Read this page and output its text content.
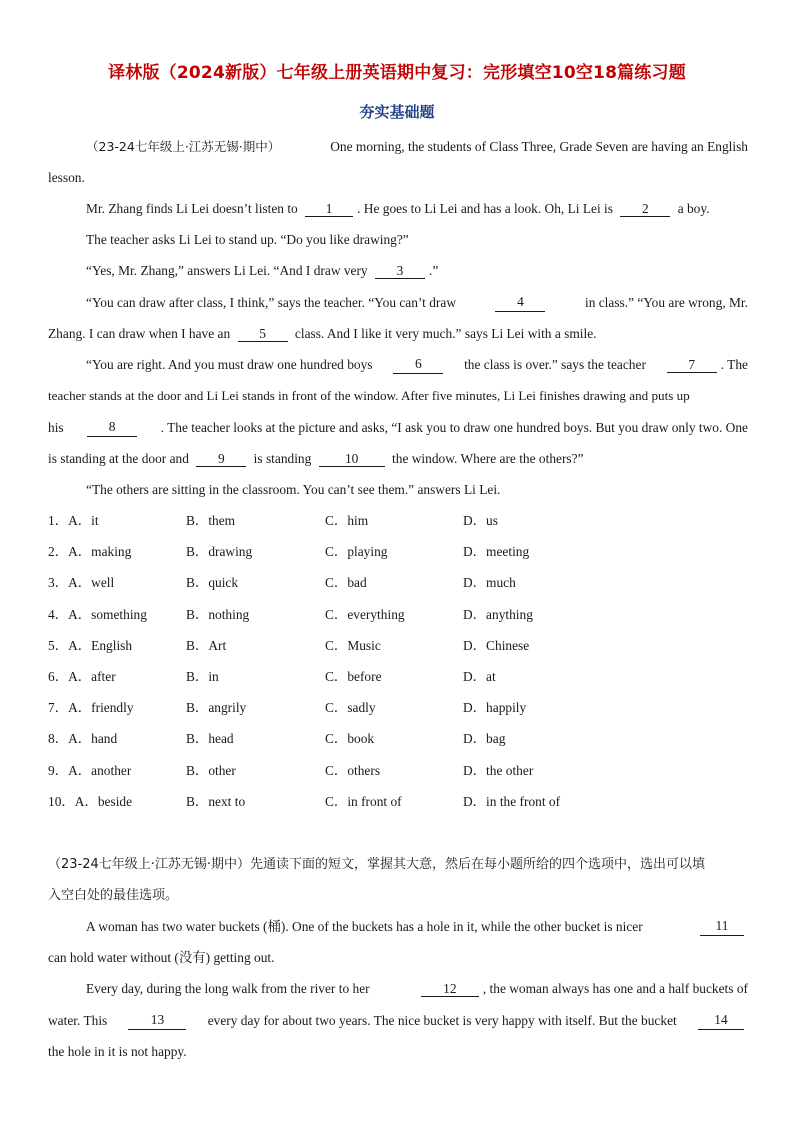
译林版（2024新版）七年级上册英语期中复习：完形填空10空18篇练习题
夯实基础题
（23-24七年级上·江苏无锡·期中）	One morning, the students of Class Three, Grade Seven are having an English
lesson.
Mr. Zhang finds Li Lei doesn’t listen to 1 . He goes to Li Lei and has a look. Oh, Li Lei is 2 a boy.
The teacher asks Li Lei to stand up. “Do you like drawing?”
“Yes, Mr. Zhang,” answers Li Lei. “And I draw very 3 .”
“You can draw after class, I think,” says the teacher. “You can’t draw	4	in class.” “You are wrong, Mr.
Zhang. I can draw when I have an 5 class. And I like it very much.” says Li Lei with a smile.
“You are right. And you must draw one hundred boys	6	the class is over.” says the teacher	7 . The
teacher stands at the door and Li Lei stands in front of the window. After five minutes, Li Lei finishes drawing and puts up
his	8	. The teacher looks at the picture and asks, “I ask you to draw one hundred boys. But you draw only two. One
is standing at the door and 9 is standing	10	the window. Where are the others?”
“The others are sitting in the classroom. You can’t see them.” answers Li Lei.
1．A．it	B．them	C．him	D．us
2．A．making	B．drawing	C．playing	D．meeting
3．A．well	B．quick	C．bad	D．much
4．A．something	B．nothing	C．everything	D．anything
5．A．English	B．Art	C．Music	D．Chinese
6．A．after	B．in	C．before	D．at
7．A．friendly	B．angrily	C．sadly	D．happily
8．A．hand	B．head	C．book	D．bag
9．A．another	B．other	C．others	D．the other
10．A．beside	B．next to	C．in front of	D．in the front of
（23-24七年级上·江苏无锡·期中）先通读下面的短文，掌握其大意，然后在每小题所给的四个选项中，选出可以填
入空白处的最佳选项。
A woman has two water buckets (桶). One of the buckets has a hole in it, while the other bucket is nicer	11
can hold water without (没有) getting out.
Every day, during the long walk from the river to her	12 , the woman always has one and a half buckets of
water. This	13	every day for about two years. The nice bucket is very happy with itself. But the bucket	14
the hole in it is not happy.
